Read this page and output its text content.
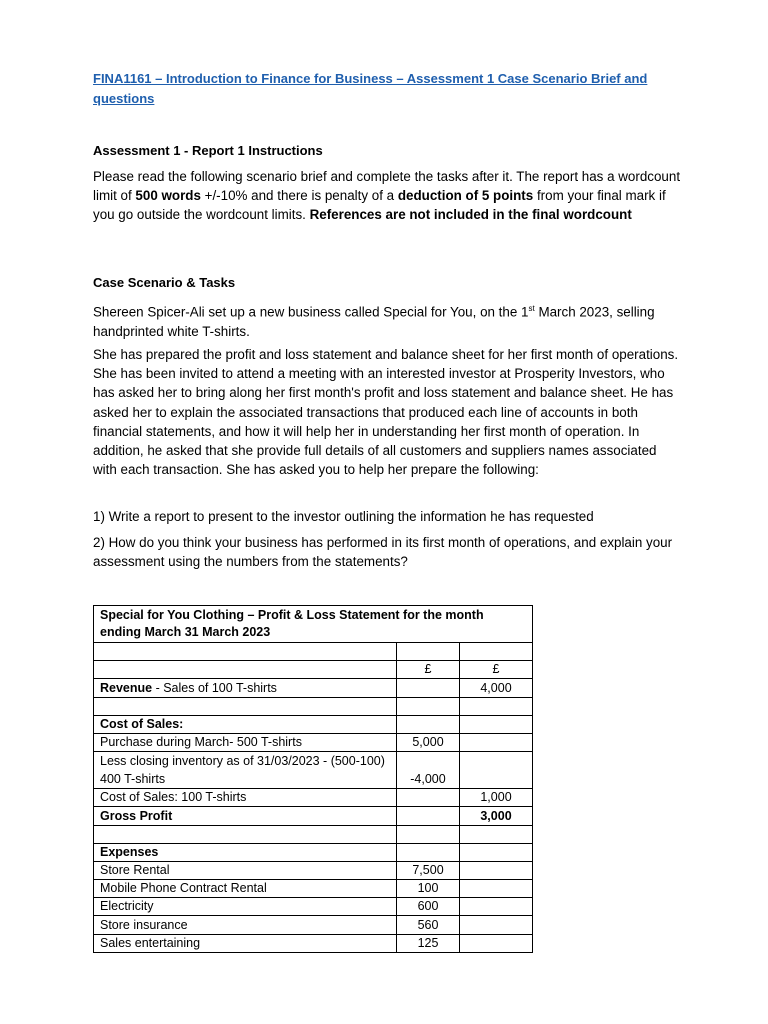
FINA1161 – Introduction to Finance for Business – Assessment 1 Case Scenario Brief and questions
Assessment 1 - Report 1 Instructions
Please read the following scenario brief and complete the tasks after it. The report has a wordcount limit of 500 words +/-10% and there is penalty of a deduction of 5 points from your final mark if you go outside the wordcount limits. References are not included in the final wordcount
Case Scenario & Tasks
Shereen Spicer-Ali set up a new business called Special for You, on the 1st March 2023, selling handprinted white T-shirts.
She has prepared the profit and loss statement and balance sheet for her first month of operations. She has been invited to attend a meeting with an interested investor at Prosperity Investors, who has asked her to bring along her first month's profit and loss statement and balance sheet. He has asked her to explain the associated transactions that produced each line of accounts in both financial statements, and how it will help her in understanding her first month of operation. In addition, he asked that she provide full details of all customers and suppliers names associated with each transaction. She has asked you to help her prepare the following:
1) Write a report to present to the investor outlining the information he has requested
2) How do you think your business has performed in its first month of operations, and explain your assessment using the numbers from the statements?
Special for You Clothing – Profit & Loss Statement for the month ending March 31 March 2023		

	£	£
Revenue - Sales of 100 T-shirts		4,000

Cost of Sales:		
Purchase during March- 500 T-shirts	5,000	
Less closing inventory as of 31/03/2023 - (500-100) 400 T-shirts	-4,000	
Cost of Sales: 100 T-shirts		1,000
Gross Profit		3,000

Expenses		
Store Rental	7,500	
Mobile Phone Contract Rental	100	
Electricity	600	
Store insurance	560	
Sales entertaining	125	
